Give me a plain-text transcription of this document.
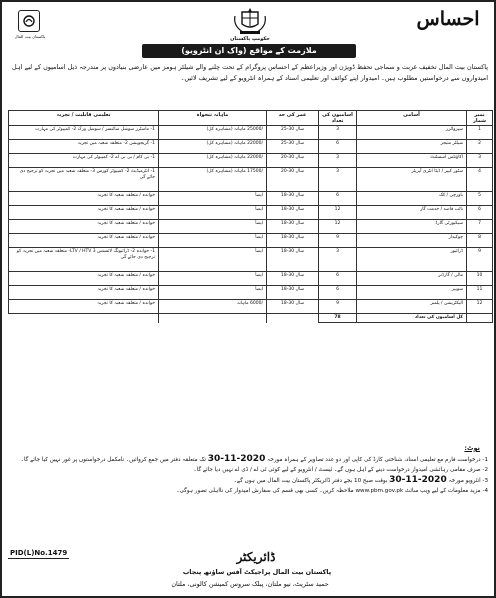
پاکستان بیت المال	حکومتِ پاکستان
احساس
ملازمت کے مواقع (واک ان انٹرویو)
پاکستان بیت المال تخفیف غربت و سماجی تحفظ ڈویژن اور وزیراعظم کے احساس پروگرام کے تحت چلنے والے شیلٹر ہومز میں عارضی بنیادوں پر مندرجہ ذیل اسامیوں کے لیے اہل امیدواروں سے درخواستیں مطلوب ہیں۔ امیدوار اپنے کوائف اور تعلیمی اسناد کے ہمراہ انٹرویو کے لیے تشریف لائیں۔
تعلیمی قابلیت / تجربہ	ماہانہ تنخواہ	عمر کی حد	اسامیوں کی تعداد	آسامی	نمبر شمار
1- ماسٹرز سوشل سائنسز / سوشل ورک 2- کمپیوٹر کی مہارت	/25000 ماہانہ (مشاہرہ کل)	25-30 سال	3	سپروائزر	1
1- گریجویشن 2- متعلقہ شعبہ میں تجربہ	/22000 ماہانہ (مشاہرہ کل)	25-30 سال	6	شیلٹر منیجر	2
1- بی کام / بی بی اے 2- کمپیوٹر کی مہارت	/22000 ماہانہ (مشاہرہ کل)	20-30 سال	3	اکاؤنٹس اسسٹنٹ	3
1- انٹرمیڈیٹ 2- کمپیوٹر کورس 3- متعلقہ شعبہ میں تجربہ کو ترجیح دی جائے گی	/17500 ماہانہ (مشاہرہ کل)	20-30 سال	3	سٹور کیپر / ڈیٹا انٹری آپریٹر	4
خواندہ / متعلقہ شعبہ کا تجربہ	ایضاً	18-30 سال	6	باورچی / کک	5
خواندہ / متعلقہ شعبہ کا تجربہ	ایضاً	18-30 سال	12	نائب قاصد / خدمت گار	6
خواندہ / متعلقہ شعبہ کا تجربہ	ایضاً	18-30 سال	12	سیکیورٹی گارڈ	7
خواندہ / متعلقہ شعبہ کا تجربہ	ایضاً	18-30 سال	9	چوکیدار	8
1- خواندہ 2- ڈرائیونگ لائسنس LTV / HTV 3- متعلقہ شعبہ میں تجربہ کو ترجیح دی جائے گی	ایضاً	18-30 سال	3	ڈرائیور	9
خواندہ / متعلقہ شعبہ کا تجربہ	ایضاً	18-30 سال	6	مالی / گارڈنر	10
خواندہ / متعلقہ شعبہ کا تجربہ	ایضاً	18-30 سال	6	سویپر	11
خواندہ / متعلقہ شعبہ کا تجربہ	/6000 ماہانہ	18-30 سال	9	الیکٹریشن / پلمبر	12
			78	کل اسامیوں کی تعداد	
نوٹ:
1- درخواست فارم مع تعلیمی اسناد، شناختی کارڈ کی کاپی اور دو عدد تصاویر کے ہمراہ مورخہ 30-11-2020 تک متعلقہ دفتر میں جمع کروائیں۔ نامکمل درخواستوں پر غور نہیں کیا جائے گا۔
2- صرف مقامی رہائشی امیدوار درخواست دینے کے اہل ہوں گے۔ ٹیسٹ / انٹرویو کے لیے کوئی ٹی اے / ڈی اے نہیں دیا جائے گا۔
3- انٹرویو مورخہ 30-11-2020 بوقت صبح 10 بجے دفتر ڈائریکٹر پاکستان بیت المال میں ہوں گے۔
4- مزید معلومات کے لیے ویب سائٹ www.pbm.gov.pk ملاحظہ کریں۔ کسی بھی قسم کی سفارش امیدوار کی نااہلی تصور ہوگی۔
PID(L)No.1479	ڈائریکٹر
پاکستان بیت المال پراجیکٹ آفس ساؤتھ پنجاب
حمید سٹریٹ، نیو ملتان، پبلک سروس کمیشن کالونی، ملتان
